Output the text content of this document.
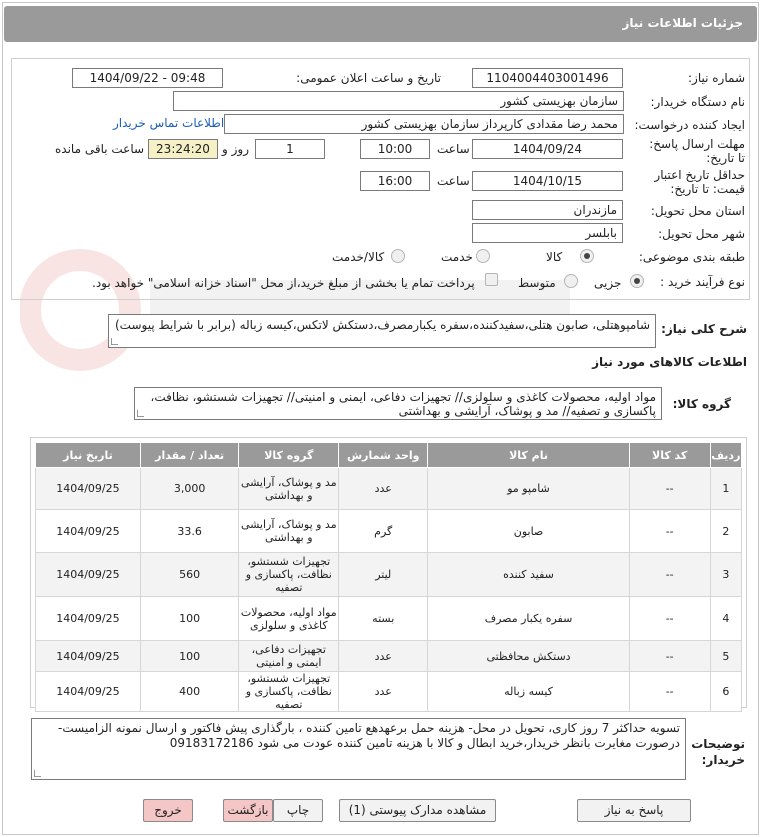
جزئیات اطلاعات نیاز
شماره نیاز:
1104004403001496
تاریخ و ساعت اعلان عمومی:
1404/09/22 - 09:48
نام دستگاه خریدار:
سازمان بهزیستی کشور
ایجاد کننده درخواست:
محمد رضا مقدادی کارپرداز سازمان بهزیستی کشور
اطلاعات تماس خریدار
مهلت ارسال پاسخ: تا تاریخ:
1404/09/24
ساعت
10:00
1
روز و
23:24:20
ساعت باقی مانده
حداقل تاریخ اعتبار قیمت: تا تاریخ:
1404/10/15
ساعت
16:00
استان محل تحویل:
مازندران
شهر محل تحویل:
بابلسر
طبقه بندی موضوعی:
کالا
خدمت
کالا/خدمت
نوع فرآیند خرید :
جزیی
متوسط
پرداخت تمام یا بخشی از مبلغ خرید،از محل "اسناد خزانه اسلامی" خواهد بود.
شرح کلی نیاز:
شامپوهتلی، صابون هتلی،سفیدکننده،سفره یکبارمصرف،دستکش لاتکس،کیسه زباله (برابر با شرایط پیوست)
اطلاعات کالاهای مورد نیاز
گروه کالا:
مواد اولیه، محصولات کاغذی و سلولزی// تجهیزات دفاعی، ایمنی و امنیتی// تجهیزات شستشو، نظافت، پاکسازی و تصفیه// مد و پوشاک، آرایشی و بهداشتی
ردیف	کد کالا	نام کالا	واحد شمارش	گروه کالا	تعداد / مقدار	تاریخ نیاز
1	--	شامپو مو	عدد	مد و پوشاک، آرایشی و بهداشتی	3,000	1404/09/25
2	--	صابون	گرم	مد و پوشاک، آرایشی و بهداشتی	33.6	1404/09/25
3	--	سفید کننده	لیتر	تجهیزات شستشو، نظافت، پاکسازی و تصفیه	560	1404/09/25
4	--	سفره یکبار مصرف	بسته	مواد اولیه، محصولات کاغذی و سلولزی	100	1404/09/25
5	--	دستکش محافظتی	عدد	تجهیزات دفاعی، ایمنی و امنیتی	100	1404/09/25
6	--	کیسه زباله	عدد	تجهیزات شستشو، نظافت، پاکسازی و تصفیه	400	1404/09/25
توضیحات خریدار:
تسویه حداکثر 7 روز کاری، تحویل در محل- هزینه حمل برعهدهع تامین کننده ، بارگذاری پیش فاکتور و ارسال نمونه الزامیست-درصورت مغایرت بانظر خریدار،خرید ابطال و کالا با هزینه تامین کننده عودت می شود 09183172186
پاسخ به نیاز
مشاهده مدارک پیوستی (1)
چاپ
بازگشت
خروج
